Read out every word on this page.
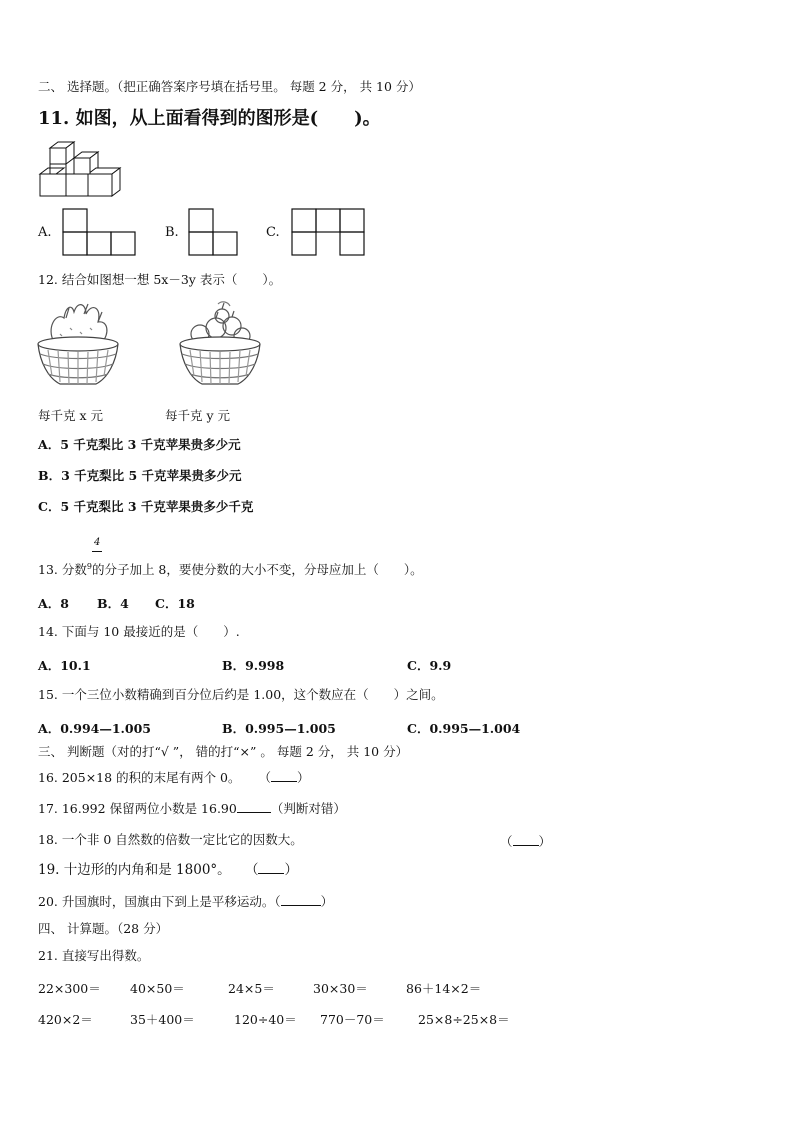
二、 选择题。（把正确答案序号填在括号里。 每题 2 分， 共 10 分）
11. 如图，从上面看得到的图形是(　　)。
A.	B.	C.
12. 结合如图想一想 5x－3y 表示（　　）。
每千克 x 元	每千克 y 元
A．5 千克梨比 3 千克苹果贵多少元
B．3 千克梨比 5 千克苹果贵多少元
C．5 千克梨比 3 千克苹果贵多少千克
4
13. 分数$^9$的分子加上 8，要使分数的大小不变，分母应加上（　　）。
A．8 B．4 C．18
14. 下面与 10 最接近的是（　　）.
A．10.1	B．9.998	C．9.9
15. 一个三位小数精确到百分位后约是 1.00，这个数应在（　　）之间。
A．0.994—1.005	B．0.995—1.005	C．0.995—1.004
三、 判断题（对的打“√ ”， 错的打“×” 。 每题 2 分， 共 10 分）
16. 205×18 的积的末尾有两个 0。 （ ）
17. 16.992 保留两位小数是 16.90	（判断对错）
18. 一个非 0 自然数的倍数一定比它的因数大。	（ ）
19. 十边形的内角和是 1800°。 （ ）
20. 升国旗时，国旗由下到上是平移运动。（	）
四、 计算题。（28 分）
21. 直接写出得数。
22×300＝ 40×50＝	24×5＝	30×30＝	86＋14×2＝
420×2＝	35＋400＝	120÷40＝ 770－70＝	25×8÷25×8＝
